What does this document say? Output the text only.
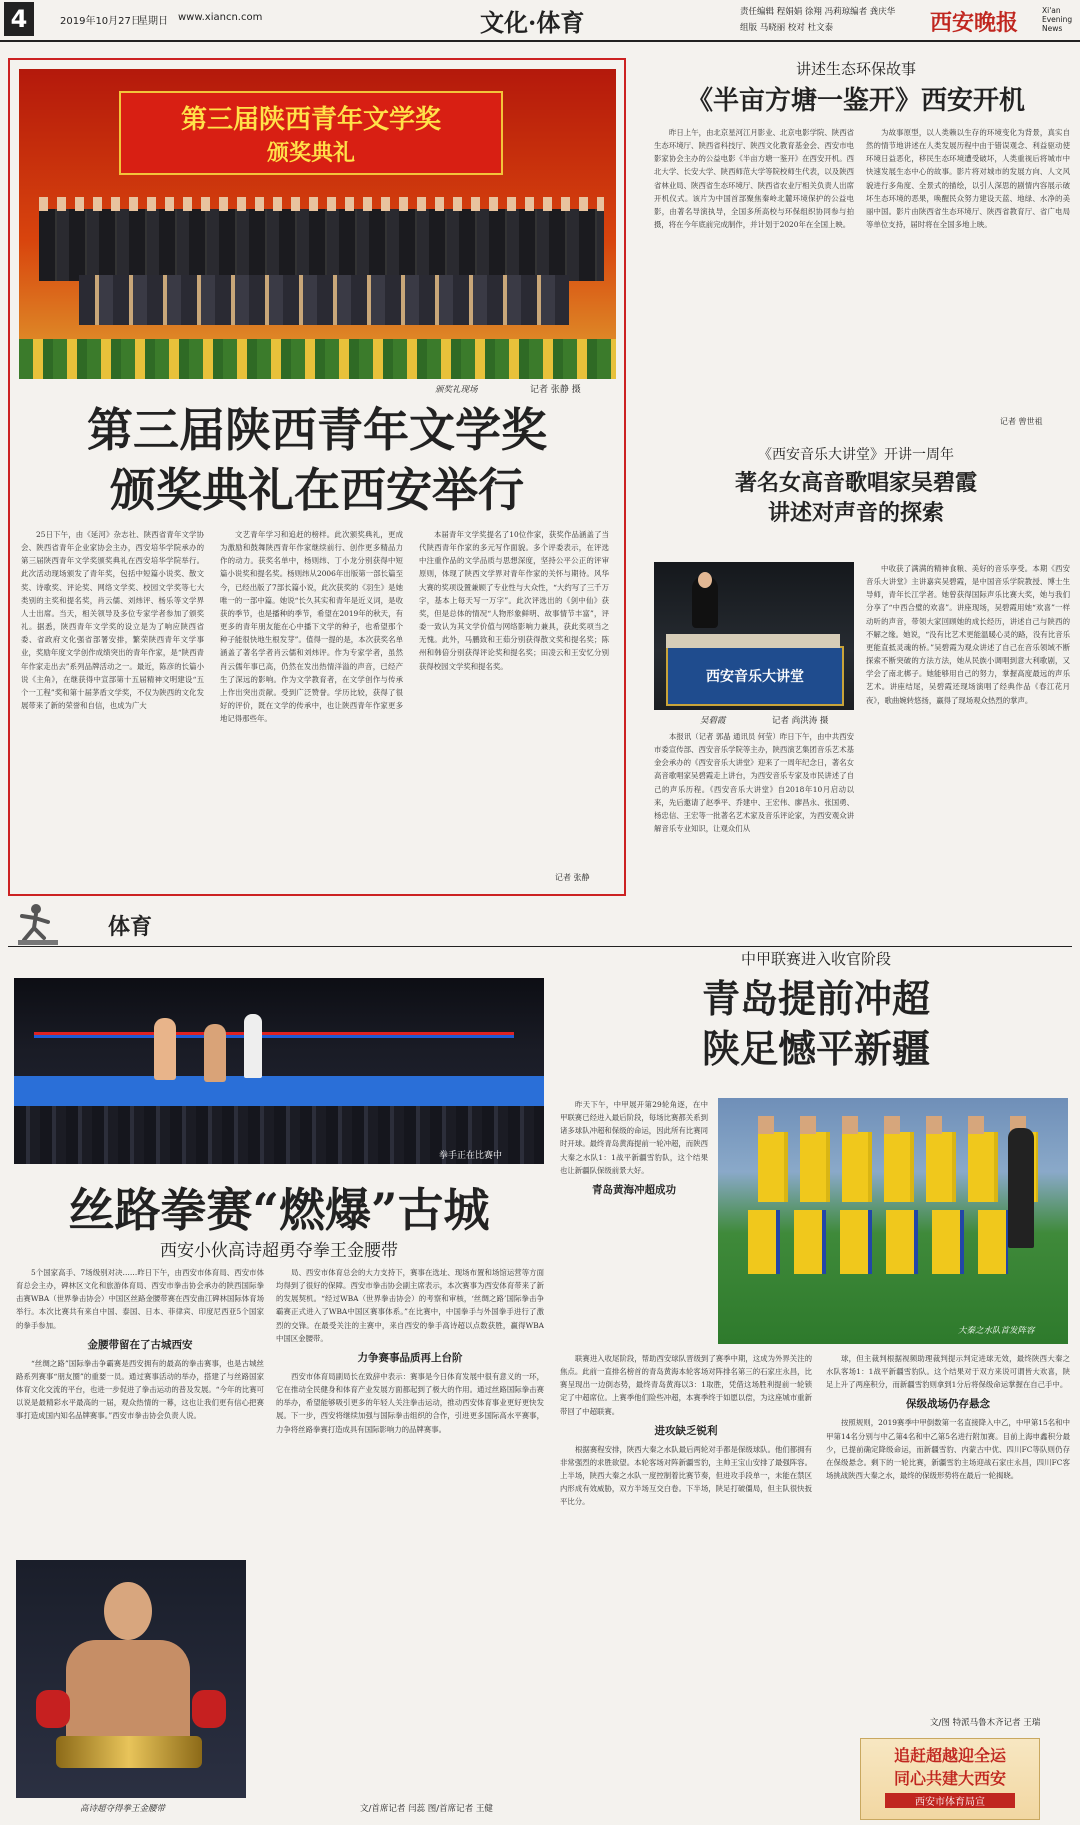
4	2019年10月27日
星期日 www.xiancn.com	文化·体育	责任编辑 程娟娟 徐翔 冯莉琼编者 龚庆华
组版 马晓丽 校对 杜文泰	西安晚报	Xi'an Evening News
第三届陕西青年文学奖
颁奖典礼
颁奖礼现场	记者 张静 摄
第三届陕西青年文学奖
颁奖典礼在西安举行

25日下午，由《延河》杂志社、陕西省青年文学协会、陕西省青年企业家协会主办，西安培华学院承办的第三届陕西青年文学奖颁奖典礼在西安培华学院举行。此次活动现场颁发了青年奖，包括中短篇小说奖、散文奖、诗歌奖、评论奖、网络文学奖、校园文学奖等七大类别的主奖和提名奖，肖云儒、刘炜评、杨乐等文学界人士出席。当天，相关领导及多位专家学者参加了颁奖礼。据悉，陕西青年文学奖的设立是为了响应陕西省委、省政府文化强省部署安排，繁荣陕西青年文学事业，奖励年度文学创作成绩突出的青年作家，是“陕西青年作家走出去”系列品牌活动之一。最近，陈彦的长篇小说《主角》，在继获得中宣部第十五届精神文明建设“五个一工程”奖和第十届茅盾文学奖，不仅为陕西的文化发展带来了新的荣誉和自信，也成为广大

文艺青年学习和追赶的榜样。此次颁奖典礼，更成为激励和鼓舞陕西青年作家继续前行、创作更多精品力作的动力。获奖名单中，杨则纬、丁小龙分别获得中短篇小说奖和提名奖。杨则纬从2006年出版第一部长篇至今，已经出版了7部长篇小说，此次获奖的《羽生》是她唯一的一部中篇。她说“长久其实和青年是近义词，是收获的季节，也是播种的季节，希望在2019年的秋天，有更多的青年朋友能在心中播下文学的种子，也希望那个种子能很快地生根发芽”。值得一提的是，本次获奖名单涵盖了著名学者肖云儒和刘炜评。作为专家学者，虽然肖云儒年事已高，仍然在发出热情洋溢的声音，已经产生了深远的影响。作为文学教育者，在文学创作与传承上作出突出贡献。受到广泛赞誉。学历比较，获得了很好的评价，既在文学的传承中，也让陕西青年作家更多地记得那些年。

本届青年文学奖提名了10位作家，获奖作品涵盖了当代陕西青年作家的多元写作面貌。多个评委表示，在评选中注重作品的文学品质与思想深度，坚持公平公正的评审原则，体现了陕西文学界对青年作家的关怀与期待。风华大赛的奖项设置兼顾了专业性与大众性，“大约写了三千万字，基本上每天写一万字”。此次评选出的《剑中仙》获奖，但是总体的情况“人物形象鲜明、故事情节丰富”，评委一致认为其文学价值与网络影响力兼具，获此奖项当之无愧。此外，马鹏致和王茹分别获得散文奖和提名奖；陈州和韩倍分别获得评论奖和提名奖；田凌云和王安忆分别获得校园文学奖和提名奖。

记者 张静
讲述生态环保故事
《半亩方塘一鉴开》西安开机

昨日上午，由北京星河江月影业、北京电影学院、陕西省生态环境厅、陕西省科技厅、陕西文化教育基金会、西安市电影家协会主办的公益电影《半亩方塘一鉴开》在西安开机。西北大学、长安大学、陕西师范大学等院校师生代表，以及陕西省林业局、陕西省生态环境厅、陕西省农业厅相关负责人出席开机仪式。该片为中国首部聚焦秦岭北麓环境保护的公益电影，由著名导演执导，全国多所高校与环保组织协同参与拍摄，将在今年底前完成制作，并计划于2020年在全国上映。

为故事原型，以人类赖以生存的环境变化为背景，真实自然的情节地讲述在人类发展历程中由于错误观念、利益驱动使环境日益恶化，移民生态环境遭受破坏，人类重视后将城市中快速发展生态中心的故事。影片将对城市的发展方向、人文风貌进行多角度、全景式的描绘，以引人深思的剧情内容展示破坏生态环境的恶果，唤醒民众努力建设天蓝、地绿、水净的美丽中国。影片由陕西省生态环境厅、陕西省教育厅、省广电局等单位支持，届时将在全国多地上映。

记者 曾世祖
《西安音乐大讲堂》开讲一周年
著名女高音歌唱家吴碧霞
讲述对声音的探索
西安音乐大讲堂
吴碧霞	记者 尚洪涛 摄

本报讯（记者 郭晶 通讯员 何莹）昨日下午，由中共西安市委宣传部、西安音乐学院等主办，陕西演艺集团音乐艺术基金会承办的《西安音乐大讲堂》迎来了一周年纪念日，著名女高音歌唱家吴碧霞走上讲台，为西安音乐专家及市民讲述了自己的声乐历程。《西安音乐大讲堂》自2018年10月启动以来，先后邀请了赵季平、乔建中、王宏伟、廖昌永、张国勇、杨忠信、王宏等一批著名艺术家及音乐评论家，为西安观众讲解音乐专业知识，让观众们从

中收获了满满的精神食粮、美好的音乐享受。本期《西安音乐大讲堂》主讲嘉宾吴碧霞，是中国音乐学院教授、博士生导师，青年长江学者。她曾获得国际声乐比赛大奖，她与我们分享了“中西合璧的欢喜”。讲座现场，吴碧霞用她“欢喜”一样动听的声音，带领大家回顾她的成长经历，讲述自己与陕西的不解之缘。她说，“没有比艺术更能温暖心灵的路，没有比音乐更能直抵灵魂的桥。”吴碧霞为观众讲述了自己在音乐领域不断探索不断突破的方法方法，她从民族小调唱到意大利歌剧，又学会了南北梆子。她能够用自己的努力，掌握高度最远的声乐艺术。讲座结尾，吴碧霞还现场演唱了经典作品《春江花月夜》，歌曲婉转悠扬，赢得了现场观众热烈的掌声。

体育
拳手正在比赛中
丝路拳赛“燃爆”古城
西安小伙高诗超勇夺拳王金腰带

5个国家高手、7场级别对决……昨日下午，由西安市体育局、西安市体育总会主办，碑林区文化和旅游体育局、西安市拳击协会承办的陕西国际拳击赛WBA（世界拳击协会）中国区丝路金腰带赛在西安曲江碑林国际体育场举行。本次比赛共有来自中国、泰国、日本、菲律宾、印度尼西亚5个国家的拳手参加。

金腰带留在了古城西安

“丝绸之路”国际拳击争霸赛是西安拥有的最高的拳击赛事，也是古城丝路系列赛事“朋友圈”的重要一员。通过赛事活动的举办，搭建了与丝路国家体育文化交流的平台，也进一步促进了拳击运动的普及发展。“今年的比赛可以说是最精彩水平最高的一届，观众热情的一幕，这也让我们更有信心把赛事打造成国内知名品牌赛事。”西安市拳击协会负责人说。

高诗超夺得拳王金腰带

局、西安市体育总会的大力支持下，赛事在选址、现场布置和场馆运营等方面均得到了很好的保障。西安市拳击协会副主席表示，本次赛事为西安体育带来了新的发展契机。“经过WBA（世界拳击协会）的考察和审核，‘丝绸之路’国际拳击争霸赛正式进入了WBA中国区赛事体系。”在比赛中，中国拳手与外国拳手进行了激烈的交锋。在最受关注的主赛中，来自西安的拳手高诗超以点数获胜，赢得WBA中国区金腰带。

力争赛事品质再上台阶

西安市体育局副局长在致辞中表示：赛事是今日体育发展中很有意义的一环，它在推动全民健身和体育产业发展方面都起到了极大的作用。通过丝路国际拳击赛的举办，希望能够吸引更多的年轻人关注拳击运动，推动西安体育事业更好更快发展。下一步，西安将继续加强与国际拳击组织的合作，引进更多国际高水平赛事，力争将丝路拳赛打造成具有国际影响力的品牌赛事。

文/首席记者 闫蕊 图/首席记者 王健
中甲联赛进入收官阶段
青岛提前冲超
陕足憾平新疆
大秦之水队首发阵容

昨天下午，中甲展开第29轮角逐，在中甲联赛已经进入最后阶段，每场比赛都关系到诸多球队冲超和保级的命运，因此所有比赛同时开球。最终青岛黄海提前一轮冲超，而陕西大秦之水队1：1战平新疆雪豹队，这个结果也让新疆队保级前景大好。

青岛黄海冲超成功

联赛进入收尾阶段，帮助西安球队晋级到了赛季中期，这成为外界关注的焦点。此前一直排名榜首的青岛黄海本轮客场对阵排名第三的石家庄永昌，比赛呈现出一边倒态势，最终青岛黄海以3：1取胜，凭借这场胜利提前一轮锁定了中超席位。上赛季他们险些冲超，本赛季终于如愿以偿，为这座城市重新带回了中超联赛。

进攻缺乏锐利

根据赛程安排，陕西大秦之水队最后两轮对手都是保级球队。他们都拥有非常强烈的求胜欲望。本轮客场对阵新疆雪豹，主帅王宝山安排了最强阵容。上半场，陕西大秦之水队一度控制着比赛节奏，但进攻手段单一，未能在禁区内形成有效威胁，双方半场互交白卷。下半场，陕足打破僵局，但主队很快扳平比分。

球，但主裁判根据视频助理裁判提示判定进球无效，最终陕西大秦之水队客场1：1战平新疆雪豹队。这个结果对于双方来说可谓皆大欢喜，陕足上升了两座积分，而新疆雪豹则拿到1分后将保级命运掌握在自己手中。

保级战场仍存悬念

按照规则，2019赛季中甲倒数第一名直接降入中乙，中甲第15名和中甲第14名分别与中乙第4名和中乙第5名进行附加赛。目前上海申鑫积分最少，已提前确定降级命运，而新疆雪豹、内蒙古中优、四川FC等队则仍存在保级悬念。剩下的一轮比赛，新疆雪豹主场迎战石家庄永昌，四川FC客场挑战陕西大秦之水，最终的保级形势将在最后一轮揭晓。

文/图 特派马鲁木齐记者 王瑞
追赶超越迎全运
同心共建大西安
西安市体育局宣
